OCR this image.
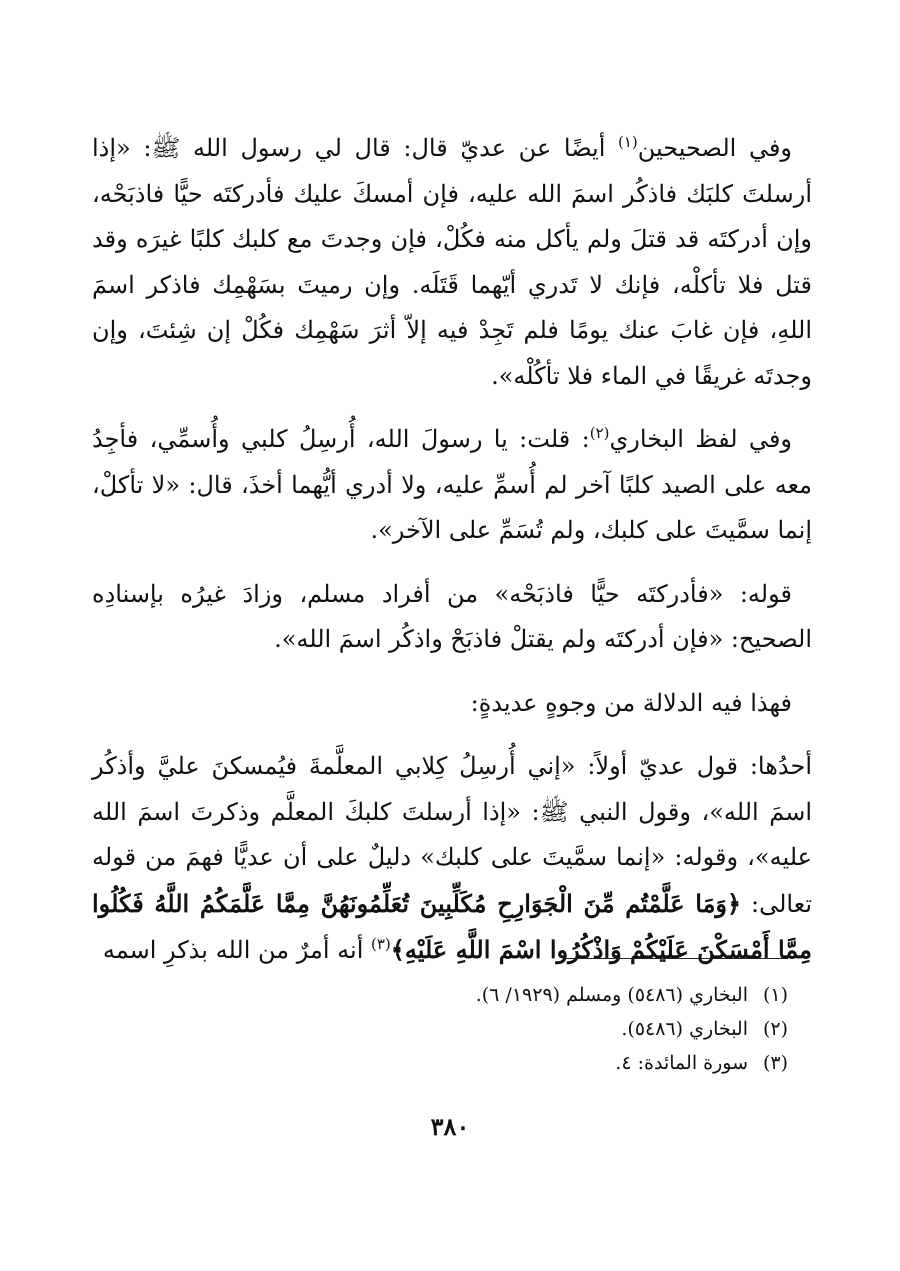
وفي الصحيحين$^{(١)}$ أيضًا عن عديّ قال: قال لي رسول الله ﷺ: «إذا أرسلتَ كلبَك فاذكُر اسمَ الله عليه، فإن أمسكَ عليك فأدركتَه حيًّا فاذبَحْه، وإن أدركتَه قد قتلَ ولم يأكل منه فكُلْ، فإن وجدتَ مع كلبك كلبًا غيرَه وقد قتل فلا تأكلْه، فإنك لا تَدري أيّهما قَتَلَه. وإن رميتَ بسَهْمِك فاذكر اسمَ اللهِ، فإن غابَ عنك يومًا فلم تَجِدْ فيه إلاّ أثرَ سَهْمِك فكُلْ إن شِئتَ، وإن وجدتَه غريقًا في الماء فلا تأكُلْه».

وفي لفظ البخاري$^{(٢)}$: قلت: يا رسولَ الله، أُرسِلُ كلبي وأُسمِّي، فأجِدُ معه على الصيد كلبًا آخر لم أُسمِّ عليه، ولا أدري أيُّهما أخذَ، قال: «لا تأكلْ، إنما سمَّيتَ على كلبك، ولم تُسَمِّ على الآخر».

قوله: «فأدركتَه حيًّا فاذبَحْه» من أفراد مسلم، وزادَ غيرُه بإسنادِه الصحيح: «فإن أدركتَه ولم يقتلْ فاذبَحْ واذكُر اسمَ الله».

فهذا فيه الدلالة من وجوهٍ عديدةٍ:

أحدُها: قول عديّ أولاً: «إني أُرسِلُ كِلابي المعلَّمةَ فيُمسكنَ عليَّ وأذكُر اسمَ الله»، وقول النبي ﷺ: «إذا أرسلتَ كلبكَ المعلَّم وذكرتَ اسمَ الله عليه»، وقوله: «إنما سمَّيتَ على كلبك» دليلٌ على أن عديًّا فهمَ من قوله تعالى: ﴿وَمَا عَلَّمْتُم مِّنَ الْجَوَارِحِ مُكَلِّبِينَ تُعَلِّمُونَهُنَّ مِمَّا عَلَّمَكُمُ اللَّهُ فَكُلُوا مِمَّا أَمْسَكْنَ عَلَيْكُمْ وَاذْكُرُوا اسْمَ اللَّهِ عَلَيْهِ﴾$^{(٣)}$ أنه أمرٌ من الله بذكرِ اسمه

(١)البخاري (٥٤٨٦) ومسلم (١٩٢٩/ ٦).

(٢)البخاري (٥٤٨٦).

(٣)سورة المائدة: ٤.

٣٨٠
